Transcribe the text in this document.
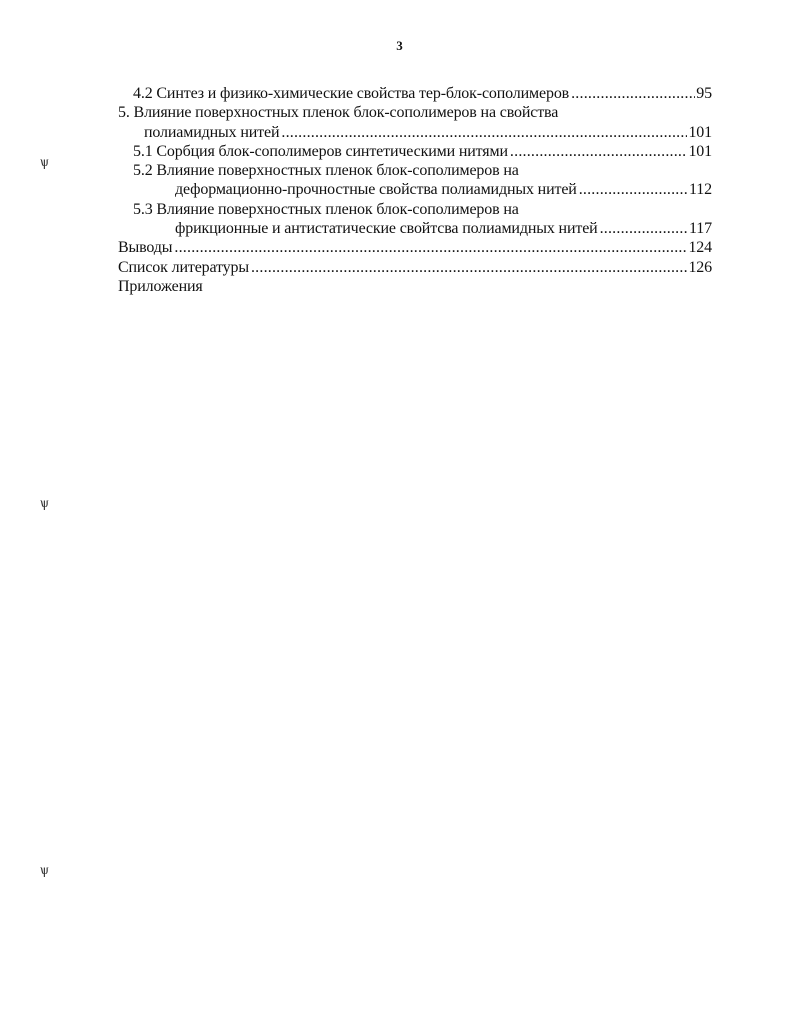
3
4.2 Синтез и физико-химические свойства тер-блок-сополимеров .....	95
5. Влияние поверхностных пленок блок-сополимеров на свойства
полиамидных нитей .....	101
5.1 Сорбция блок-сополимеров синтетическими нитями .....	101
5.2 Влияние поверхностных пленок блок-сополимеров на
деформационно-прочностные свойства полиамидных нитей .....	112
5.3 Влияние поверхностных пленок блок-сополимеров на
фрикционные и антистатические свойтсва полиамидных нитей .....	117
Выводы .....	124
Список литературы .....	126
Приложения
ѱ
ѱ
ѱ
